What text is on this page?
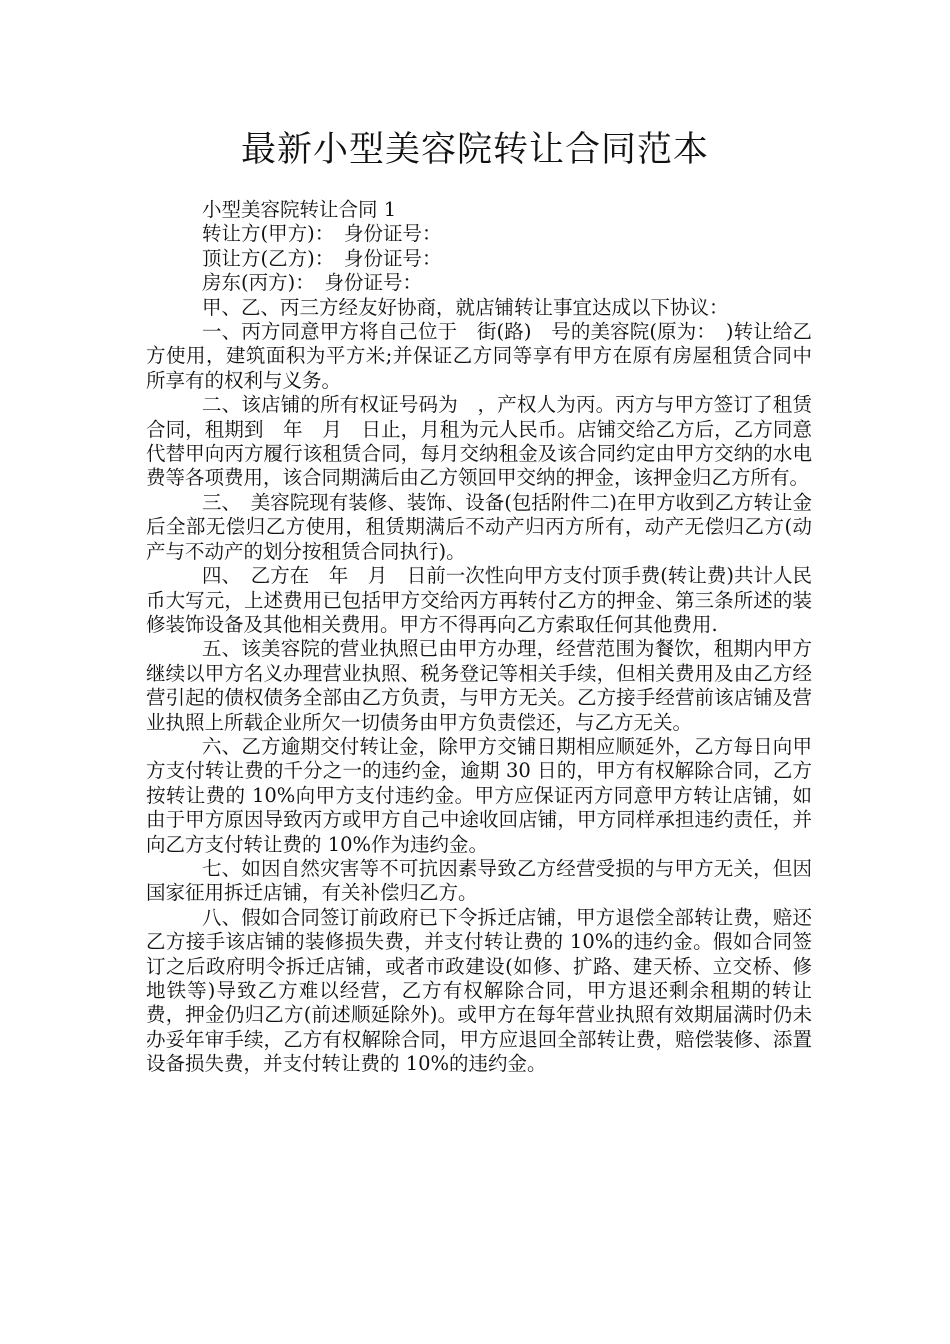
最新小型美容院转让合同范本

小型美容院转让合同 1

转让方(甲方)：　身份证号：

顶让方(乙方)：　身份证号：

房东(丙方)：　身份证号：

甲、乙、丙三方经友好协商，就店铺转让事宜达成以下协议：

一、丙方同意甲方将自己位于　街(路)　号的美容院(原为：　)转让给乙方使用，建筑面积为平方米;并保证乙方同等享有甲方在原有房屋租赁合同中所享有的权利与义务。

二、该店铺的所有权证号码为　，产权人为丙。丙方与甲方签订了租赁合同，租期到　年　月　日止，月租为元人民币。店铺交给乙方后，乙方同意代替甲向丙方履行该租赁合同，每月交纳租金及该合同约定由甲方交纳的水电费等各项费用，该合同期满后由乙方领回甲交纳的押金，该押金归乙方所有。

三、　美容院现有装修、装饰、设备(包括附件二)在甲方收到乙方转让金后全部无偿归乙方使用，租赁期满后不动产归丙方所有，动产无偿归乙方(动产与不动产的划分按租赁合同执行)。

四、　乙方在　年　月　日前一次性向甲方支付顶手费(转让费)共计人民币大写元，上述费用已包括甲方交给丙方再转付乙方的押金、第三条所述的装修装饰设备及其他相关费用。甲方不得再向乙方索取任何其他费用.

五、该美容院的营业执照已由甲方办理，经营范围为餐饮，租期内甲方继续以甲方名义办理营业执照、税务登记等相关手续，但相关费用及由乙方经营引起的债权债务全部由乙方负责，与甲方无关。乙方接手经营前该店铺及营业执照上所载企业所欠一切债务由甲方负责偿还，与乙方无关。

六、乙方逾期交付转让金，除甲方交铺日期相应顺延外，乙方每日向甲方支付转让费的千分之一的违约金，逾期 30 日的，甲方有权解除合同，乙方按转让费的 10%向甲方支付违约金。甲方应保证丙方同意甲方转让店铺，如由于甲方原因导致丙方或甲方自己中途收回店铺，甲方同样承担违约责任，并向乙方支付转让费的 10%作为违约金。

七、如因自然灾害等不可抗因素导致乙方经营受损的与甲方无关，但因国家征用拆迁店铺，有关补偿归乙方。

八、假如合同签订前政府已下令拆迁店铺，甲方退偿全部转让费，赔还乙方接手该店铺的装修损失费，并支付转让费的 10%的违约金。假如合同签订之后政府明令拆迁店铺，或者市政建设(如修、扩路、建天桥、立交桥、修地铁等)导致乙方难以经营，乙方有权解除合同，甲方退还剩余租期的转让费，押金仍归乙方(前述顺延除外)。或甲方在每年营业执照有效期届满时仍未办妥年审手续，乙方有权解除合同，甲方应退回全部转让费，赔偿装修、添置设备损失费，并支付转让费的 10%的违约金。
